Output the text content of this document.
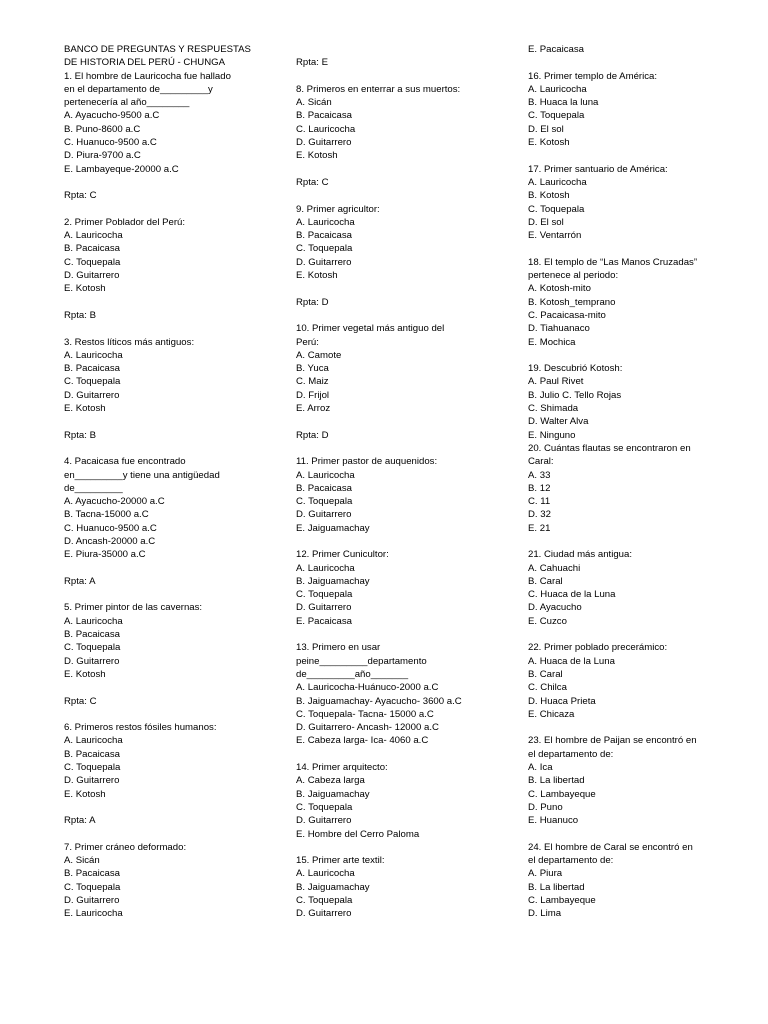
BANCO DE PREGUNTAS Y RESPUESTAS
DE HISTORIA DEL PERÚ - CHUNGA
1. El hombre de Lauricocha fue hallado
en el departamento de_________y
pertenecería al año________
A. Ayacucho-9500 a.C
B. Puno-8600 a.C
C. Huanuco-9500 a.C
D. Piura-9700 a.C
E. Lambayeque-20000 a.C
Rpta: C
2. Primer Poblador del Perú:
A. Lauricocha
B. Pacaicasa
C. Toquepala
D. Guitarrero
E. Kotosh
Rpta: B
3. Restos líticos más antiguos:
A. Lauricocha
B. Pacaicasa
C. Toquepala
D. Guitarrero
E. Kotosh
Rpta: B
4. Pacaicasa fue encontrado
en_________y tiene una antigüedad
de_________
A. Ayacucho-20000 a.C
B. Tacna-15000 a.C
C. Huanuco-9500 a.C
D. Ancash-20000 a.C
E. Piura-35000 a.C
Rpta: A
5. Primer pintor de las cavernas:
A. Lauricocha
B. Pacaicasa
C. Toquepala
D. Guitarrero
E. Kotosh
Rpta: C
6. Primeros restos fósiles humanos:
A. Lauricocha
B. Pacaicasa
C. Toquepala
D. Guitarrero
E. Kotosh
Rpta: A
7. Primer cráneo deformado:
A. Sicán
B. Pacaicasa
C. Toquepala
D. Guitarrero
E. Lauricocha
Rpta: E
8. Primeros en enterrar a sus muertos:
A. Sicán
B. Pacaicasa
C. Lauricocha
D. Guitarrero
E. Kotosh
Rpta: C
9. Primer agricultor:
A. Lauricocha
B. Pacaicasa
C. Toquepala
D. Guitarrero
E. Kotosh
Rpta: D
10. Primer vegetal más antiguo del
Perú:
A. Camote
B. Yuca
C. Maiz
D. Frijol
E. Arroz
Rpta: D
11. Primer pastor de auquenidos:
A. Lauricocha
B. Pacaicasa
C. Toquepala
D. Guitarrero
E. Jaiguamachay
12. Primer Cunicultor:
A. Lauricocha
B. Jaiguamachay
C. Toquepala
D. Guitarrero
E. Pacaicasa
13. Primero en usar
peine_________departamento
de_________año_______
A. Lauricocha-Huánuco-2000 a.C
B. Jaiguamachay- Ayacucho- 3600 a.C
C. Toquepala- Tacna- 15000 a.C
D. Guitarrero- Ancash- 12000 a.C
E. Cabeza larga- Ica- 4060 a.C
14. Primer arquitecto:
A. Cabeza larga
B. Jaiguamachay
C. Toquepala
D. Guitarrero
E. Hombre del Cerro Paloma
15. Primer arte textil:
A. Lauricocha
B. Jaiguamachay
C. Toquepala
D. Guitarrero
E. Pacaicasa
16. Primer templo de América:
A. Lauricocha
B. Huaca la luna
C. Toquepala
D. El sol
E. Kotosh
17. Primer santuario de América:
A. Lauricocha
B. Kotosh
C. Toquepala
D. El sol
E. Ventarrón
18. El templo de “Las Manos Cruzadas”
pertenece al periodo:
A. Kotosh-mito
B. Kotosh_temprano
C. Pacaicasa-mito
D. Tiahuanaco
E. Mochica
19. Descubrió Kotosh:
A. Paul Rivet
B. Julio C. Tello Rojas
C. Shimada
D. Walter Alva
E. Ninguno
20. Cuántas flautas se encontraron en
Caral:
A. 33
B. 12
C. 11
D. 32
E. 21
21. Ciudad más antigua:
A. Cahuachi
B. Caral
C. Huaca de la Luna
D. Ayacucho
E. Cuzco
22. Primer poblado precerámico:
A. Huaca de la Luna
B. Caral
C. Chilca
D. Huaca Prieta
E. Chicaza
23. El hombre de Paijan se encontró en
el departamento de:
A. Ica
B. La libertad
C. Lambayeque
D. Puno
E. Huanuco
24. El hombre de Caral se encontró en
el departamento de:
A. Piura
B. La libertad
C. Lambayeque
D. Lima
